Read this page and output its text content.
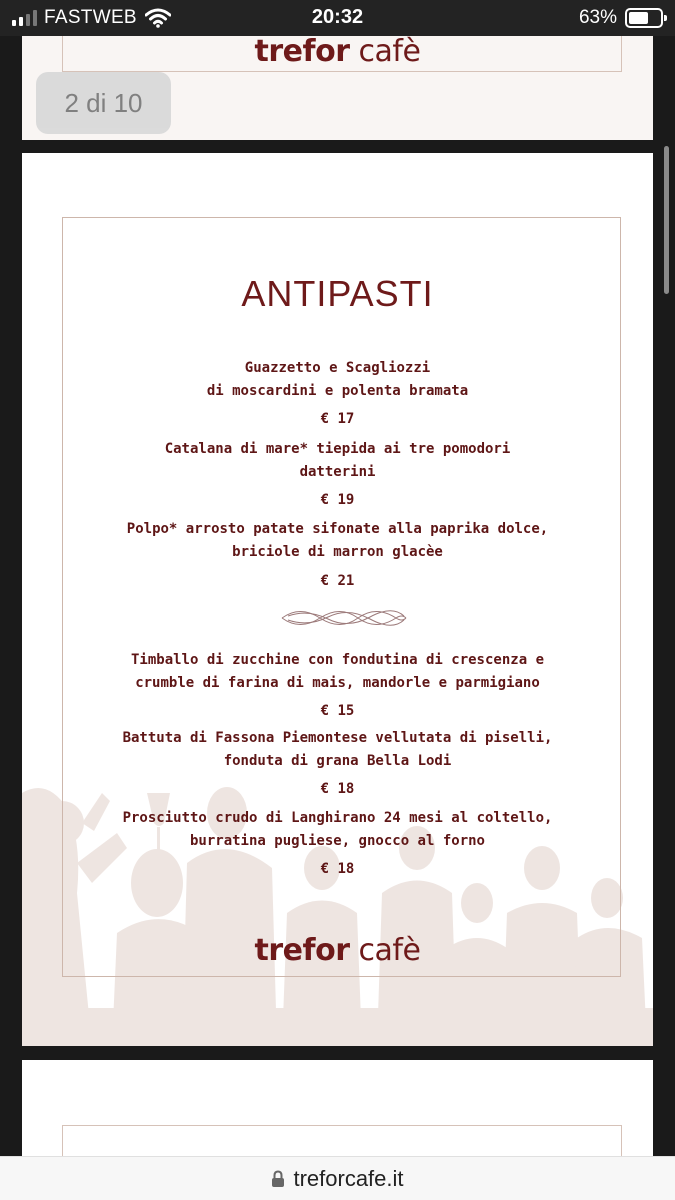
FASTWEB	20:32	63%
trefor cafè
2 di 10
ANTIPASTI
Guazzetto e Scagliozzi
di moscardini e polenta bramata
€ 17
Catalana di mare* tiepida ai tre pomodori
datterini
€ 19
Polpo* arrosto patate sifonate alla paprika dolce,
briciole di marron glacèe
€ 21
Timballo di zucchine con fondutina di crescenza e
crumble di farina di mais, mandorle e parmigiano
€ 15
Battuta di Fassona Piemontese vellutata di piselli,
fonduta di grana Bella Lodi
€ 18
Prosciutto crudo di Langhirano 24 mesi al coltello,
burratina pugliese, gnocco al forno
€ 18
trefor cafè
treforcafe.it
